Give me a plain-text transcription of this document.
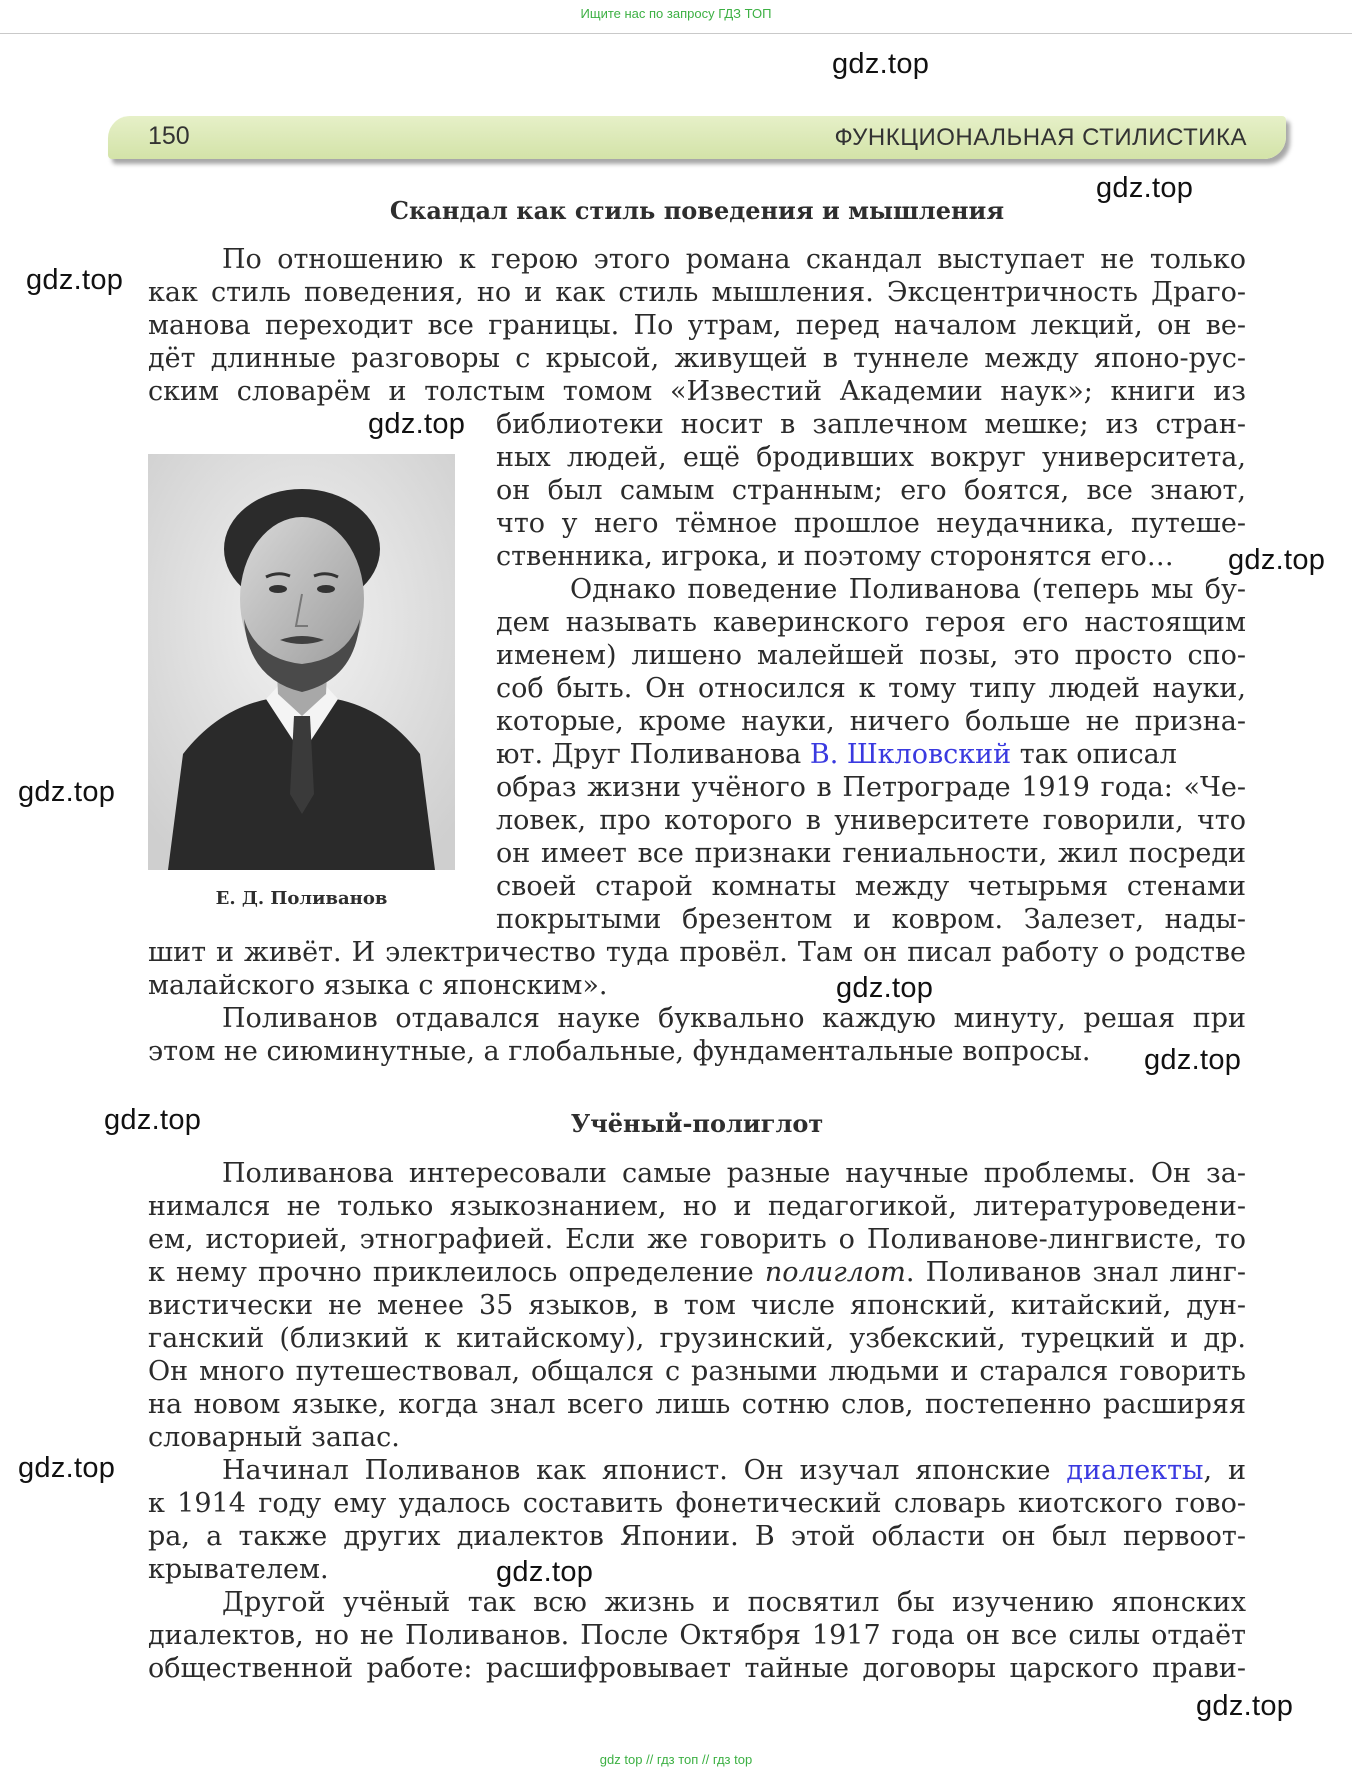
Ищите нас по запросу ГДЗ ТОП
150	ФУНКЦИОНАЛЬНАЯ СТИЛИСТИКА
Скандал как стиль поведения и мышления
По отношению к герою этого романа скандал выступает не только
как стиль поведения, но и как стиль мышления. Эксцентричность Драго-
манова переходит все границы. По утрам, перед началом лекций, он ве-
дёт длинные разговоры с крысой, живущей в туннеле между японо-рус-
ским словарём и толстым томом «Известий Академии наук»; книги из
Е. Д. Поливанов
библиотеки носит в заплечном мешке; из стран-
ных людей, ещё бродивших вокруг университета,
он был самым странным; его боятся, все знают,
что у него тёмное прошлое неудачника, путеше-
ственника, игрока, и поэтому сторонятся его…
Однако поведение Поливанова (теперь мы бу-
дем называть каверинского героя его настоящим
именем) лишено малейшей позы, это просто спо-
соб быть. Он относился к тому типу людей науки,
которые, кроме науки, ничего больше не призна-
ют. Друг Поливанова В. Шкловский так описал
образ жизни учёного в Петрограде 1919 года: «Че-
ловек, про которого в университете говорили, что
он имеет все признаки гениальности, жил посреди
своей старой комнаты между четырьмя стенами
покрытыми брезентом и ковром. Залезет, нады-
шит и живёт. И электричество туда провёл. Там он писал работу о родстве
малайского языка с японским».
Поливанов отдавался науке буквально каждую минуту, решая при
этом не сиюминутные, а глобальные, фундаментальные вопросы.
Учёный-полиглот
Поливанова интересовали самые разные научные проблемы. Он за-
нимался не только языкознанием, но и педагогикой, литературоведени-
ем, историей, этнографией. Если же говорить о Поливанове-лингвисте, то
к нему прочно приклеилось определение полиглот. Поливанов знал линг-
вистически не менее 35 языков, в том числе японский, китайский, дун-
ганский (близкий к китайскому), грузинский, узбекский, турецкий и др.
Он много путешествовал, общался с разными людьми и старался говорить
на новом языке, когда знал всего лишь сотню слов, постепенно расширяя
словарный запас.
Начинал Поливанов как японист. Он изучал японские диалекты, и
к 1914 году ему удалось составить фонетический словарь киотского гово-
ра, а также других диалектов Японии. В этой области он был первоот-
крывателем.
Другой учёный так всю жизнь и посвятил бы изучению японских
диалектов, но не Поливанов. После Октября 1917 года он все силы отдаёт
общественной работе: расшифровывает тайные договоры царского прави-
gdz.top
gdz.top
gdz.top
gdz.top
gdz.top
gdz.top
gdz.top
gdz.top
gdz.top
gdz.top
gdz.top
gdz.top
gdz top // гдз топ // гдз top
